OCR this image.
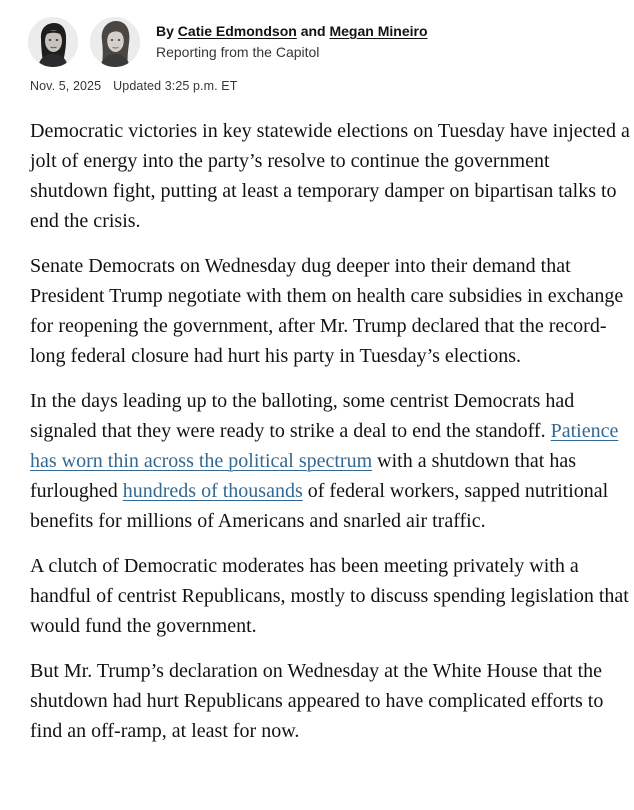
By Catie Edmondson and Megan Mineiro
Reporting from the Capitol
Nov. 5, 2025 Updated 3:25 p.m. ET

Democratic victories in key statewide elections on Tuesday have injected a jolt of energy into the party’s resolve to continue the government shutdown fight, putting at least a temporary damper on bipartisan talks to end the crisis.

Senate Democrats on Wednesday dug deeper into their demand that President Trump negotiate with them on health care subsidies in exchange for reopening the government, after Mr. Trump declared that the record-long federal closure had hurt his party in Tuesday’s elections.

In the days leading up to the balloting, some centrist Democrats had signaled that they were ready to strike a deal to end the standoff. Patience has worn thin across the political spectrum with a shutdown that has furloughed hundreds of thousands of federal workers, sapped nutritional benefits for millions of Americans and snarled air traffic.

A clutch of Democratic moderates has been meeting privately with a handful of centrist Republicans, mostly to discuss spending legislation that would fund the government.

But Mr. Trump’s declaration on Wednesday at the White House that the shutdown had hurt Republicans appeared to have complicated efforts to find an off-ramp, at least for now.
